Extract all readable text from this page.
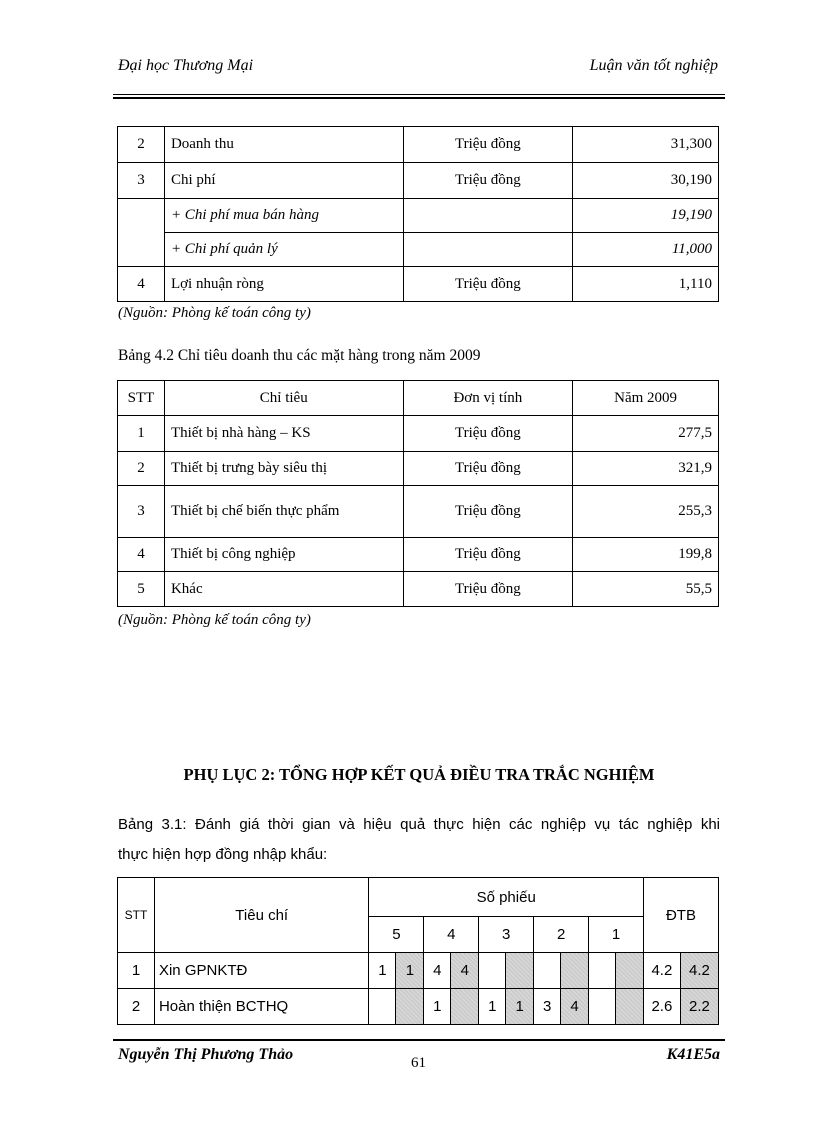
Đại học Thương Mại	Luận văn tốt nghiệp
2	Doanh thu	Triệu đồng	31,300
3	Chi phí	Triệu đồng	30,190
	+ Chi phí mua bán hàng		19,190
	+ Chi phí quản lý		11,000
4	Lợi nhuận ròng	Triệu đồng	1,110
(Nguồn: Phòng kế toán công ty)
Bảng 4.2 Chỉ tiêu doanh thu các mặt hàng trong năm 2009
STT	Chỉ tiêu	Đơn vị tính	Năm 2009
1	Thiết bị nhà hàng – KS	Triệu đồng	277,5
2	Thiết bị trưng bày siêu thị	Triệu đồng	321,9
3	Thiết bị chế biến thực phẩm	Triệu đồng	255,3
4	Thiết bị công nghiệp	Triệu đồng	199,8
5	Khác	Triệu đồng	55,5
(Nguồn: Phòng kế toán công ty)
PHỤ LỤC 2: TỔNG HỢP KẾT QUẢ ĐIỀU TRA TRẮC NGHIỆM
Bảng 3.1: Đánh giá thời gian và hiệu quả thực hiện các nghiệp vụ tác nghiệp khi
thực hiện hợp đồng nhập khẩu:
STT	Tiêu chí	Số phiếu										ĐTB	
		5		4		3		2		1			
1	Xin GPNKTĐ	1	1	4	4							4.2	4.2
2	Hoàn thiện BCTHQ			1		1	1	3	4			2.6	2.2
Nguyễn Thị Phương Thảo	61	K41E5a
